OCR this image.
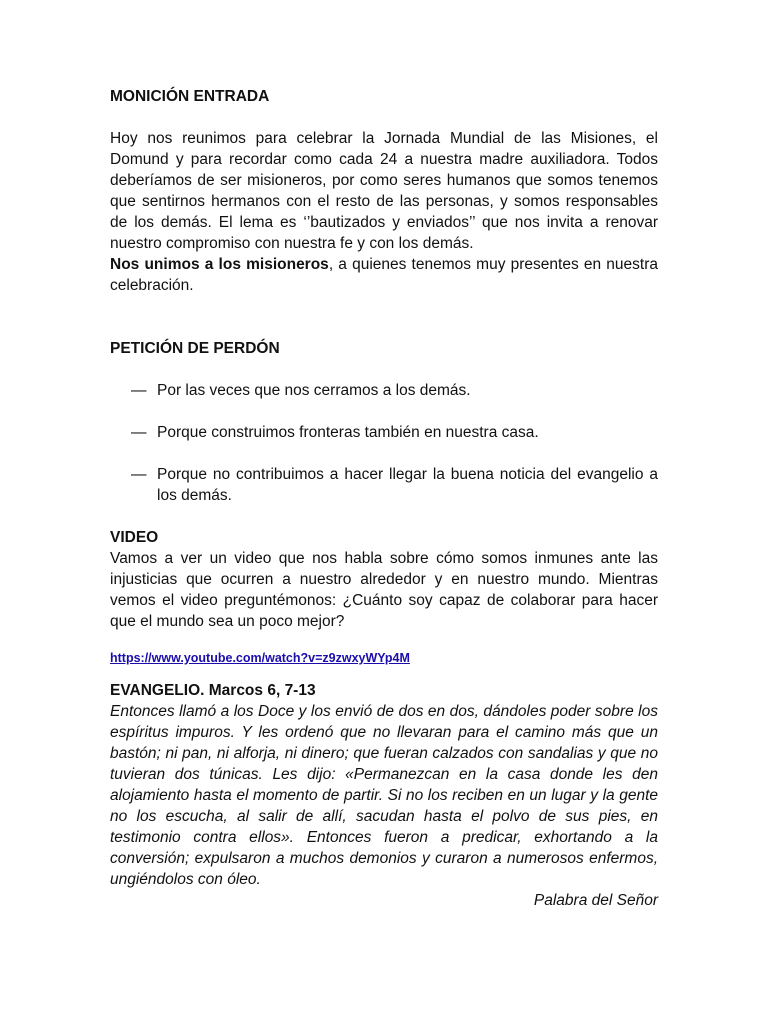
MONICIÓN ENTRADA

Hoy nos reunimos para celebrar la Jornada Mundial de las Misiones, el Domund y para recordar como cada 24 a nuestra madre auxiliadora. Todos deberíamos de ser misioneros, por como seres humanos que somos tenemos que sentirnos hermanos con el resto de las personas, y somos responsables de los demás. El lema es ‘’bautizados y enviados’’ que nos invita a renovar nuestro compromiso con nuestra fe y con los demás.

Nos unimos a los misioneros, a quienes tenemos muy presentes en nuestra celebración.

PETICIÓN DE PERDÓN

— Por las veces que nos cerramos a los demás.
— Porque construimos fronteras también en nuestra casa.
— Porque no contribuimos a hacer llegar la buena noticia del evangelio a los demás.

VIDEO

Vamos a ver un video que nos habla sobre cómo somos inmunes ante las injusticias que ocurren a nuestro alrededor y en nuestro mundo. Mientras vemos el video preguntémonos: ¿Cuánto soy capaz de colaborar para hacer que el mundo sea un poco mejor?

https://www.youtube.com/watch?v=z9zwxyWYp4M

EVANGELIO. Marcos 6, 7-13

Entonces llamó a los Doce y los envió de dos en dos, dándoles poder sobre los espíritus impuros. Y les ordenó que no llevaran para el camino más que un bastón; ni pan, ni alforja, ni dinero; que fueran calzados con sandalias y que no tuvieran dos túnicas. Les dijo: «Permanezcan en la casa donde les den alojamiento hasta el momento de partir. Si no los reciben en un lugar y la gente no los escucha, al salir de allí, sacudan hasta el polvo de sus pies, en testimonio contra ellos». Entonces fueron a predicar, exhortando a la conversión; expulsaron a muchos demonios y curaron a numerosos enfermos, ungiéndolos con óleo.

Palabra del Señor
